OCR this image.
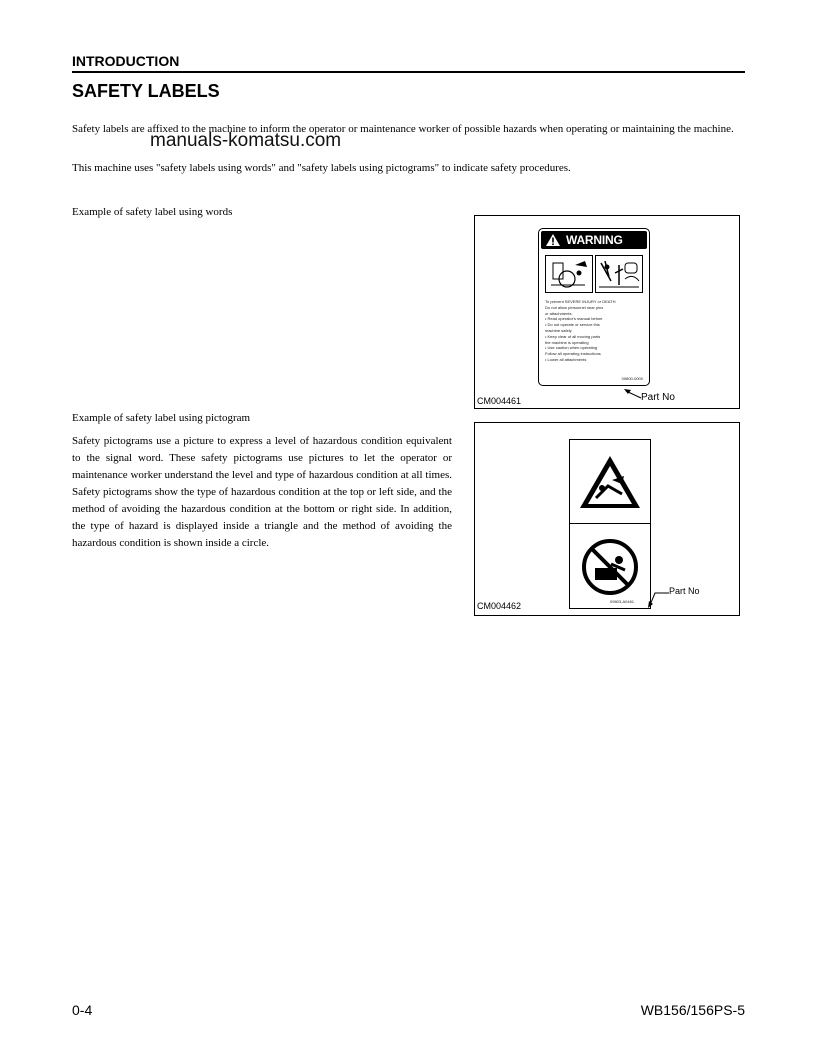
INTRODUCTION
SAFETY LABELS
Safety labels are affixed to the machine to inform the operator or maintenance worker of possible hazards when operating or maintaining the machine.
This machine uses "safety labels using words" and "safety labels using pictograms" to indicate safety procedures.
manuals-komatsu.com
Example of safety label using words
WARNING
To prevent SEVERE INJURY or DEATH
Do not allow personnel near pins
or attachments.
• Read operator's manual before
• Do not operate or service this
machine safely
• Keep clear of all moving parts
the machine is operating
• Use caution when operating
Follow all operating instructions
• Lower all attachments
09800-0000
Part No
CM004461
Example of safety label using pictogram
Safety pictograms use a picture to express a level of hazardous condition equivalent to the signal word. These safety pictograms use pictures to let the operator or maintenance worker understand the level and type of hazardous condition at all times. Safety pictograms show the type of hazardous condition at the top or left side, and the method of avoiding the hazardous condition at the bottom or right side. In addition, the type of hazard is displayed inside a triangle and the method of avoiding the hazardous condition is shown inside a circle.
09803-A0461
Part No
CM004462
0-4	WB156/156PS-5
